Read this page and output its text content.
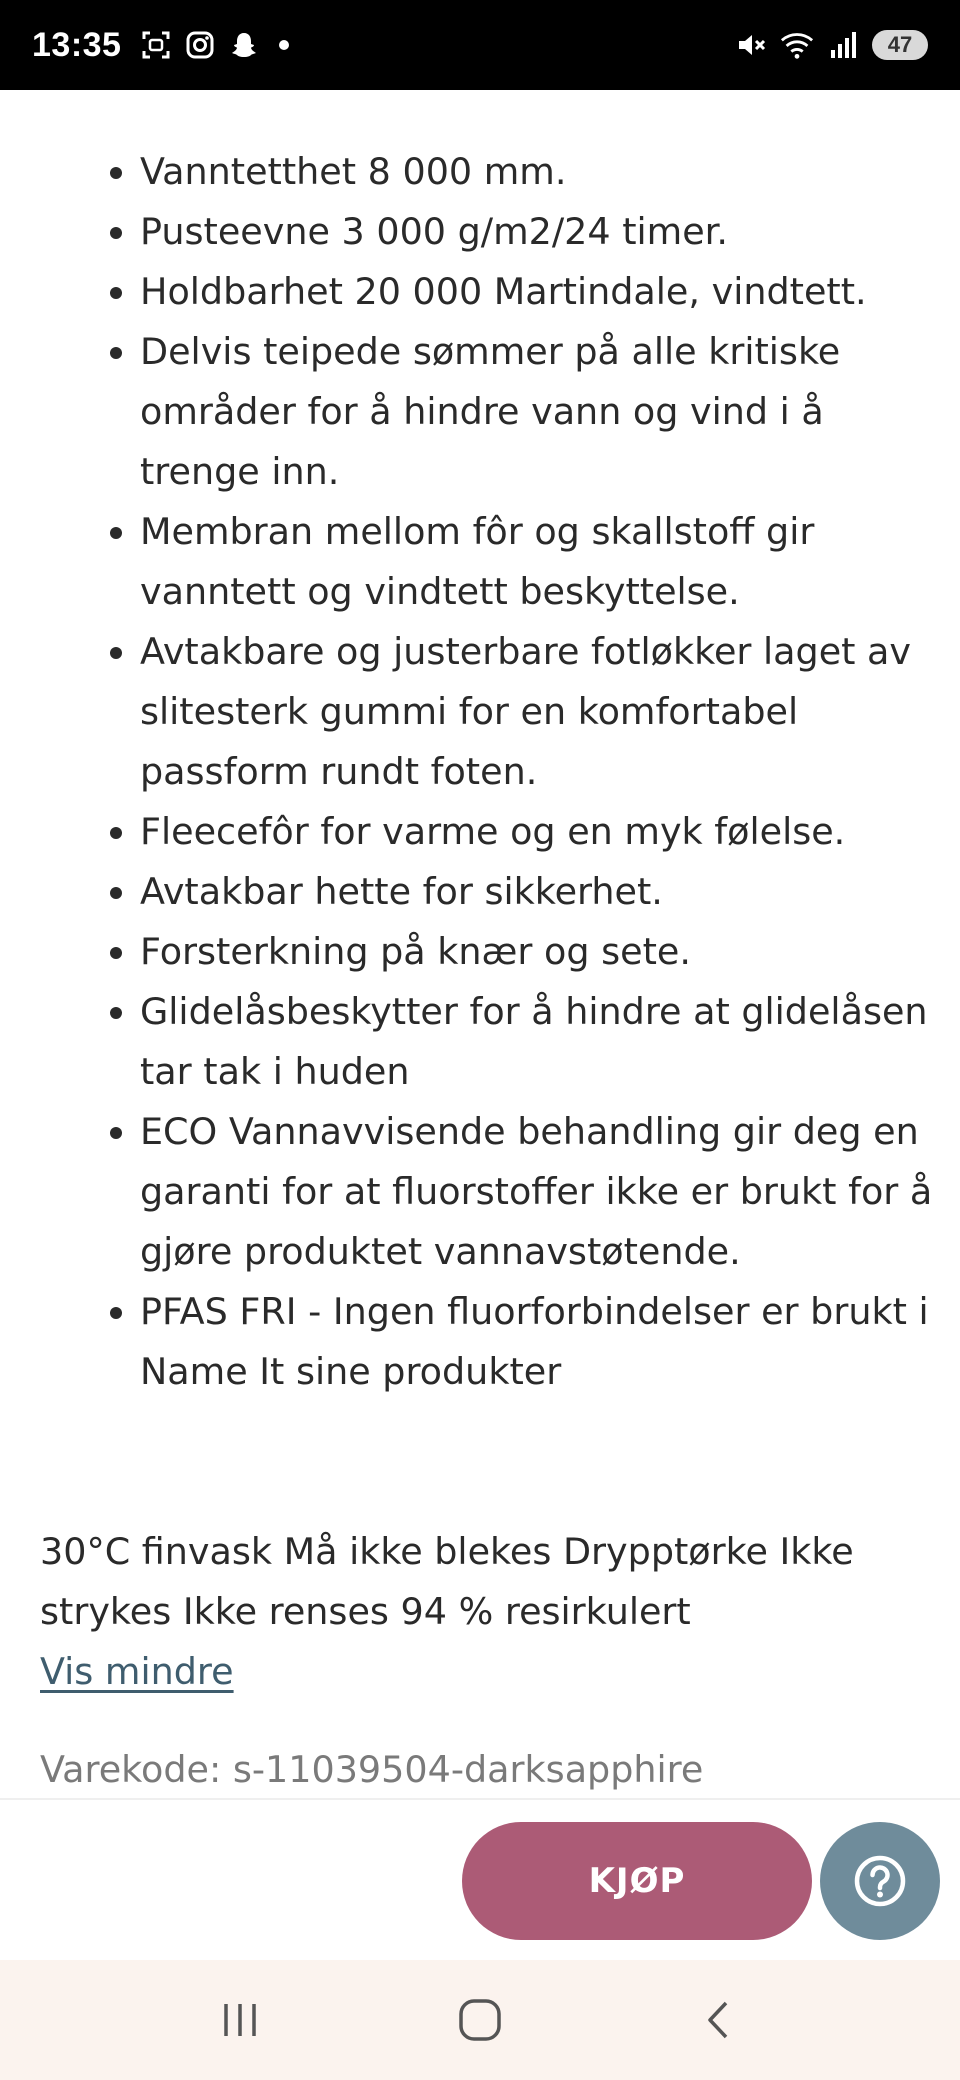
13:35	47
Vanntetthet 8 000 mm.
Pusteevne 3 000 g/m2/24 timer.
Holdbarhet 20 000 Martindale, vindtett.
Delvis teipede sømmer på alle kritiske områder for å hindre vann og vind i å trenge inn.
Membran mellom fôr og skallstoff gir vanntett og vindtett beskyttelse.
Avtakbare og justerbare fotløkker laget av slitesterk gummi for en komfortabel passform rundt foten.
Fleecefôr for varme og en myk følelse.
Avtakbar hette for sikkerhet.
Forsterkning på knær og sete.
Glidelåsbeskytter for å hindre at glidelåsen tar tak i huden
ECO Vannavvisende behandling gir deg en garanti for at fluorstoffer ikke er brukt for å gjøre produktet vannavstøtende.
PFAS FRI - Ingen fluorforbindelser er brukt i Name It sine produkter

30°C finvask Må ikke blekes Drypptørke Ikke strykes Ikke renses 94 % resirkulert

Vis mindre

Varekode: s-11039504-darksapphire

KJØP
